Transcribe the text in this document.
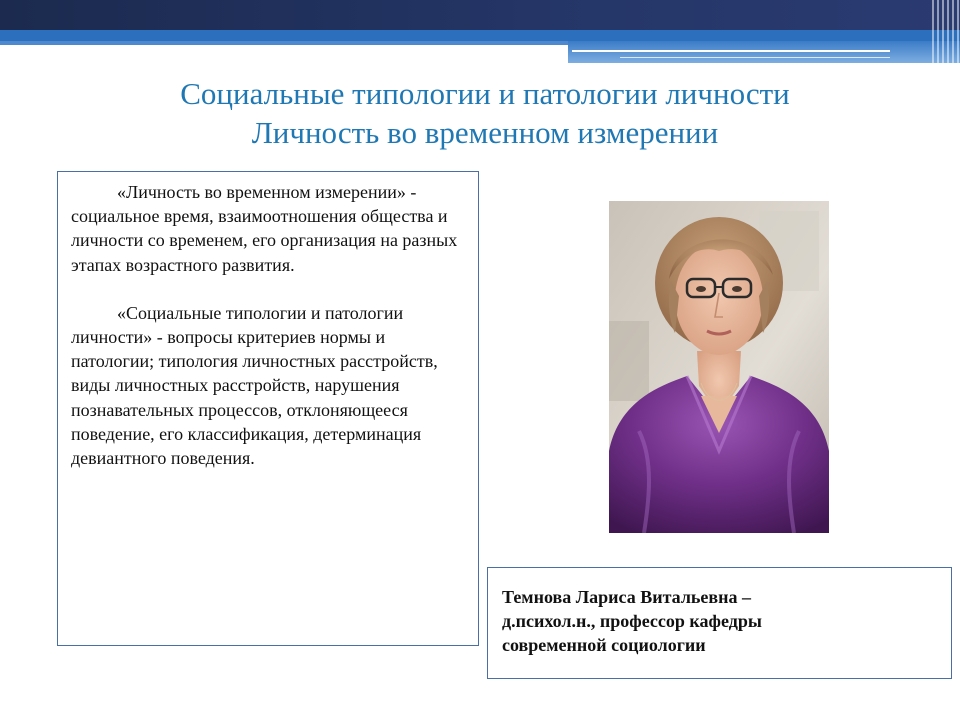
Социальные типологии и патологии личности
Личность во временном измерении

«Личность во временном измерении» - социальное время, взаимоотношения общества и личности со временем, его организация на разных этапах возрастного развития.

«Социальные типологии и патологии личности» - вопросы критериев нормы и патологии; типология личностных расстройств, виды личностных расстройств, нарушения познавательных процессов, отклоняющееся поведение, его классификация, детерминация девиантного поведения.

Темнова Лариса Витальевна –
д.психол.н., профессор кафедры
современной социологии
